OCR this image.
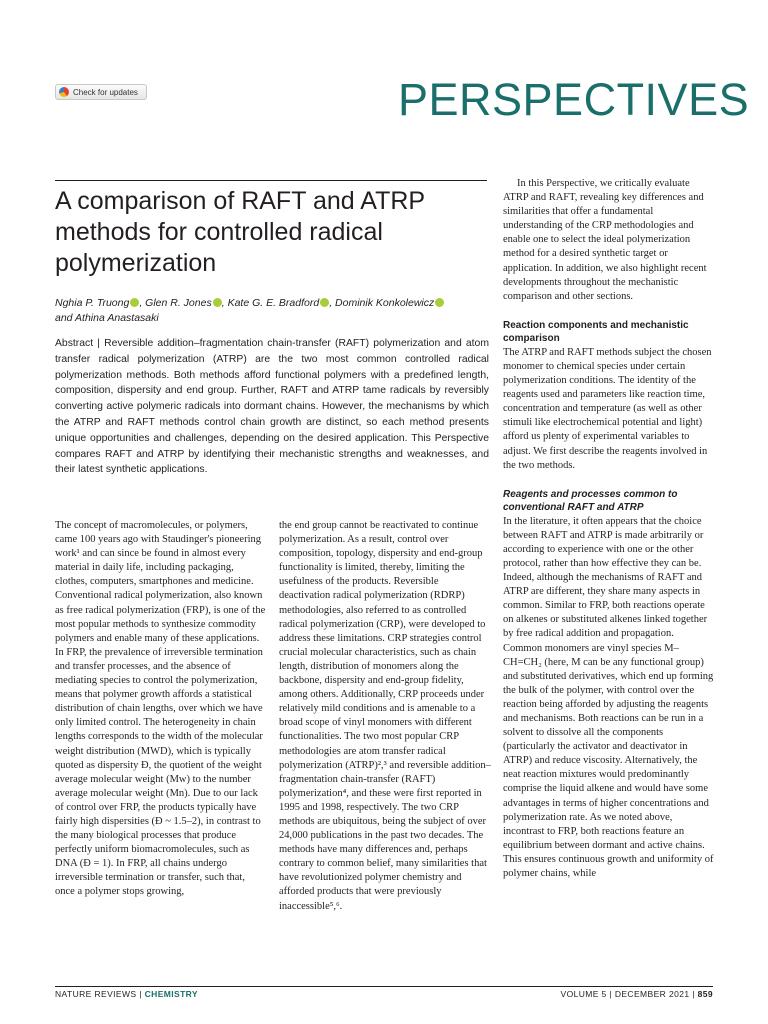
Check for updates	PERSPECTIVES
A comparison of RAFT and ATRP methods for controlled radical polymerization
Nghia P. Truong , Glen R. Jones , Kate G. E. Bradford , Dominik Konkolewicz
and Athina Anastasaki
Abstract | Reversible addition–fragmentation chain-transfer (RAFT) polymerization and atom transfer radical polymerization (ATRP) are the two most common controlled radical polymerization methods. Both methods afford functional polymers with a predefined length, composition, dispersity and end group. Further, RAFT and ATRP tame radicals by reversibly converting active polymeric radicals into dormant chains. However, the mechanisms by which the ATRP and RAFT methods control chain growth are distinct, so each method presents unique opportunities and challenges, depending on the desired application. This Perspective compares RAFT and ATRP by identifying their mechanistic strengths and weaknesses, and their latest synthetic applications.

The concept of macromolecules, or polymers, came 100 years ago with Staudinger's pioneering work¹ and can since be found in almost every material in daily life, including packaging, clothes, computers, smartphones and medicine. Conventional radical polymerization, also known as free radical polymerization (FRP), is one of the most popular methods to synthesize commodity polymers and enable many of these applications. In FRP, the prevalence of irreversible termination and transfer processes, and the absence of mediating species to control the polymerization, means that polymer growth affords a statistical distribution of chain lengths, over which we have only limited control. The heterogeneity in chain lengths corresponds to the width of the molecular weight distribution (MWD), which is typically quoted as dispersity Đ, the quotient of the weight average molecular weight (Mw) to the number average molecular weight (Mn). Due to our lack of control over FRP, the products typically have fairly high dispersities (Đ ~ 1.5–2), in contrast to the many biological processes that produce perfectly uniform biomacromolecules, such as DNA (Đ = 1). In FRP, all chains undergo irreversible termination or transfer, such that, once a polymer stops growing,

the end group cannot be reactivated to continue polymerization. As a result, control over composition, topology, dispersity and end-group functionality is limited, thereby, limiting the usefulness of the products. Reversible deactivation radical polymerization (RDRP) methodologies, also referred to as controlled radical polymerization (CRP), were developed to address these limitations. CRP strategies control crucial molecular characteristics, such as chain length, distribution of monomers along the backbone, dispersity and end-group fidelity, among others. Additionally, CRP proceeds under relatively mild conditions and is amenable to a broad scope of vinyl monomers with different functionalities. The two most popular CRP methodologies are atom transfer radical polymerization (ATRP)²,³ and reversible addition–fragmentation chain-transfer (RAFT) polymerization⁴, and these were first reported in 1995 and 1998, respectively. The two CRP methods are ubiquitous, being the subject of over 24,000 publications in the past two decades. The methods have many differences and, perhaps contrary to common belief, many similarities that have revolutionized polymer chemistry and afforded products that were previously inaccessible⁵,⁶.

In this Perspective, we critically evaluate ATRP and RAFT, revealing key differences and similarities that offer a fundamental understanding of the CRP methodologies and enable one to select the ideal polymerization method for a desired synthetic target or application. In addition, we also highlight recent developments throughout the mechanistic comparison and other sections.

Reaction components and mechanistic comparison

The ATRP and RAFT methods subject the chosen monomer to chemical species under certain polymerization conditions. The identity of the reagents used and parameters like reaction time, concentration and temperature (as well as other stimuli like electrochemical potential and light) afford us plenty of experimental variables to adjust. We first describe the reagents involved in the two methods.

Reagents and processes common to conventional RAFT and ATRP

In the literature, it often appears that the choice between RAFT and ATRP is made arbitrarily or according to experience with one or the other protocol, rather than how effective they can be. Indeed, although the mechanisms of RAFT and ATRP are different, they share many aspects in common. Similar to FRP, both reactions operate on alkenes or substituted alkenes linked together by free radical addition and propagation. Common monomers are vinyl species M–CH=CH₂ (here, M can be any functional group) and substituted derivatives, which end up forming the bulk of the polymer, with control over the reaction being afforded by adjusting the reagents and mechanisms. Both reactions can be run in a solvent to dissolve all the components (particularly the activator and deactivator in ATRP) and reduce viscosity. Alternatively, the neat reaction mixtures would predominantly comprise the liquid alkene and would have some advantages in terms of higher concentrations and polymerization rate. As we noted above, incontrast to FRP, both reactions feature an equilibrium between dormant and active chains. This ensures continuous growth and uniformity of polymer chains, while

NATURE REVIEWS | CHEMISTRY	VOLUME 5 | DECEMBER 2021 | 859
